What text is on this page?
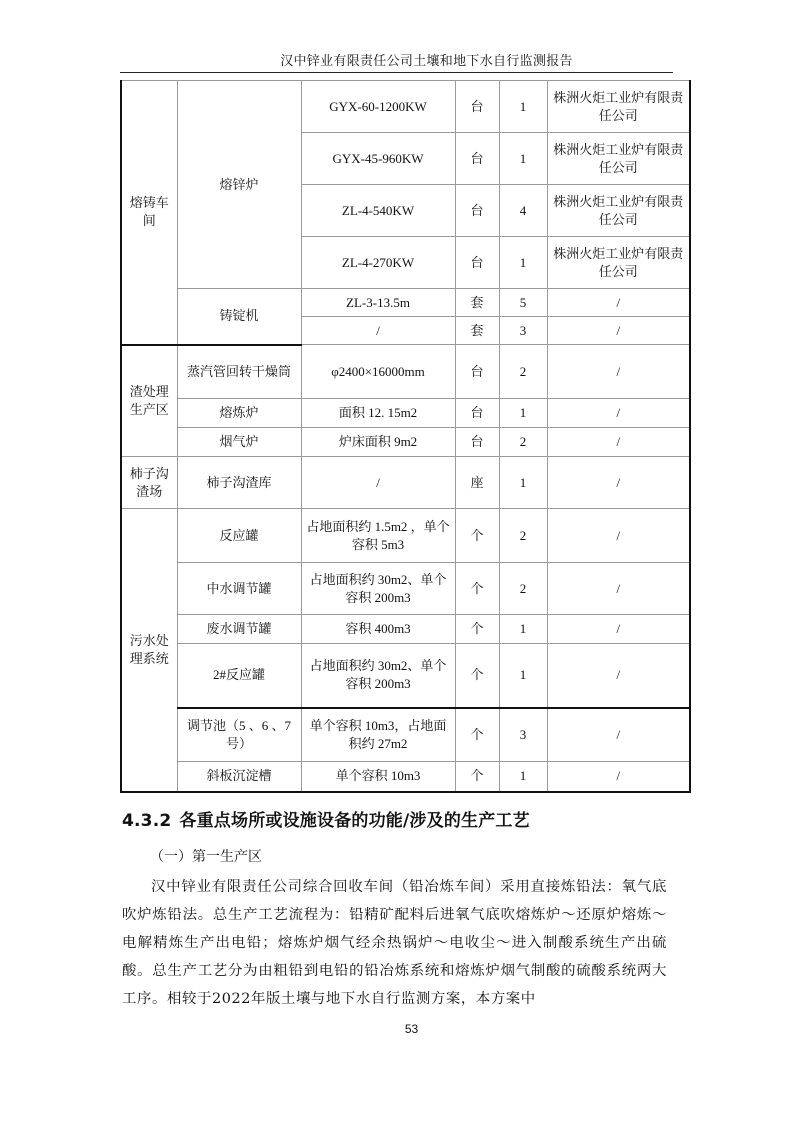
汉中锌业有限责任公司土壤和地下水自行监测报告
熔铸车间	熔锌炉	GYX-60-1200KW	台	1	株洲火炬工业炉有限责任公司
		GYX-45-960KW	台	1	株洲火炬工业炉有限责任公司
		ZL-4-540KW	台	4	株洲火炬工业炉有限责任公司
		ZL-4-270KW	台	1	株洲火炬工业炉有限责任公司
	铸锭机	ZL-3-13.5m	套	5	/
		/	套	3	/
渣处理生产区	蒸汽管回转干燥筒	φ2400×16000mm	台	2	/
	熔炼炉	面积 12. 15m2	台	1	/
	烟气炉	炉床面积 9m2	台	2	/
柿子沟渣场	柿子沟渣库	/	座	1	/
污水处理系统	反应罐	占地面积约 1.5m2 ，单个容积 5m3	个	2	/
	中水调节罐	占地面积约 30m2、单个容积 200m3	个	2	/
	废水调节罐	容积 400m3	个	1	/
	2#反应罐	占地面积约 30m2、单个容积 200m3	个	1	/
	调节池（5 、6 、7号）	单个容积 10m3，占地面积约 27m2	个	3	/
	斜板沉淀槽	单个容积 10m3	个	1	/
4.3.2 各重点场所或设施设备的功能/涉及的生产工艺
（一）第一生产区
汉中锌业有限责任公司综合回收车间（铅冶炼车间）采用直接炼铅法：氧气底吹炉炼铅法。总生产工艺流程为：铅精矿配料后进氧气底吹熔炼炉～还原炉熔炼～电解精炼生产出电铅；熔炼炉烟气经余热锅炉～电收尘～进入制酸系统生产出硫酸。总生产工艺分为由粗铅到电铅的铅冶炼系统和熔炼炉烟气制酸的硫酸系统两大工序。相较于2022年版土壤与地下水自行监测方案，本方案中
53
